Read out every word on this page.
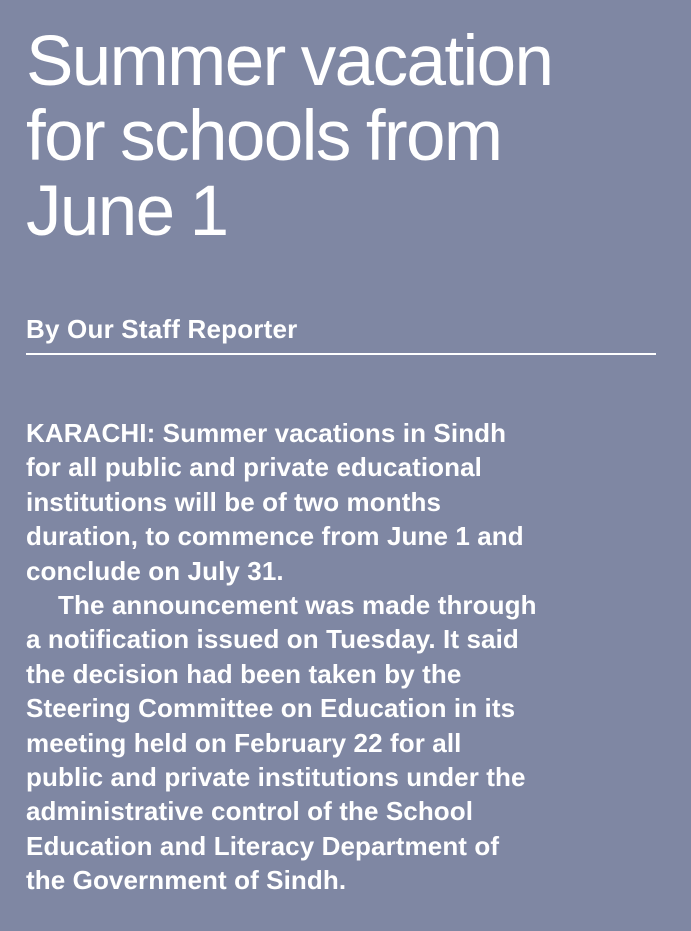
Summer vacation
for schools from
June 1
By Our Staff Reporter

KARACHI: Summer vacations in Sindh
for all public and private educational
institutions will be of two months
duration, to commence from June 1 and
conclude on July 31.

The announcement was made through
a notification issued on Tuesday. It said
the decision had been taken by the
Steering Committee on Education in its
meeting held on February 22 for all
public and private institutions under the
administrative control of the School
Education and Literacy Department of
the Government of Sindh.
